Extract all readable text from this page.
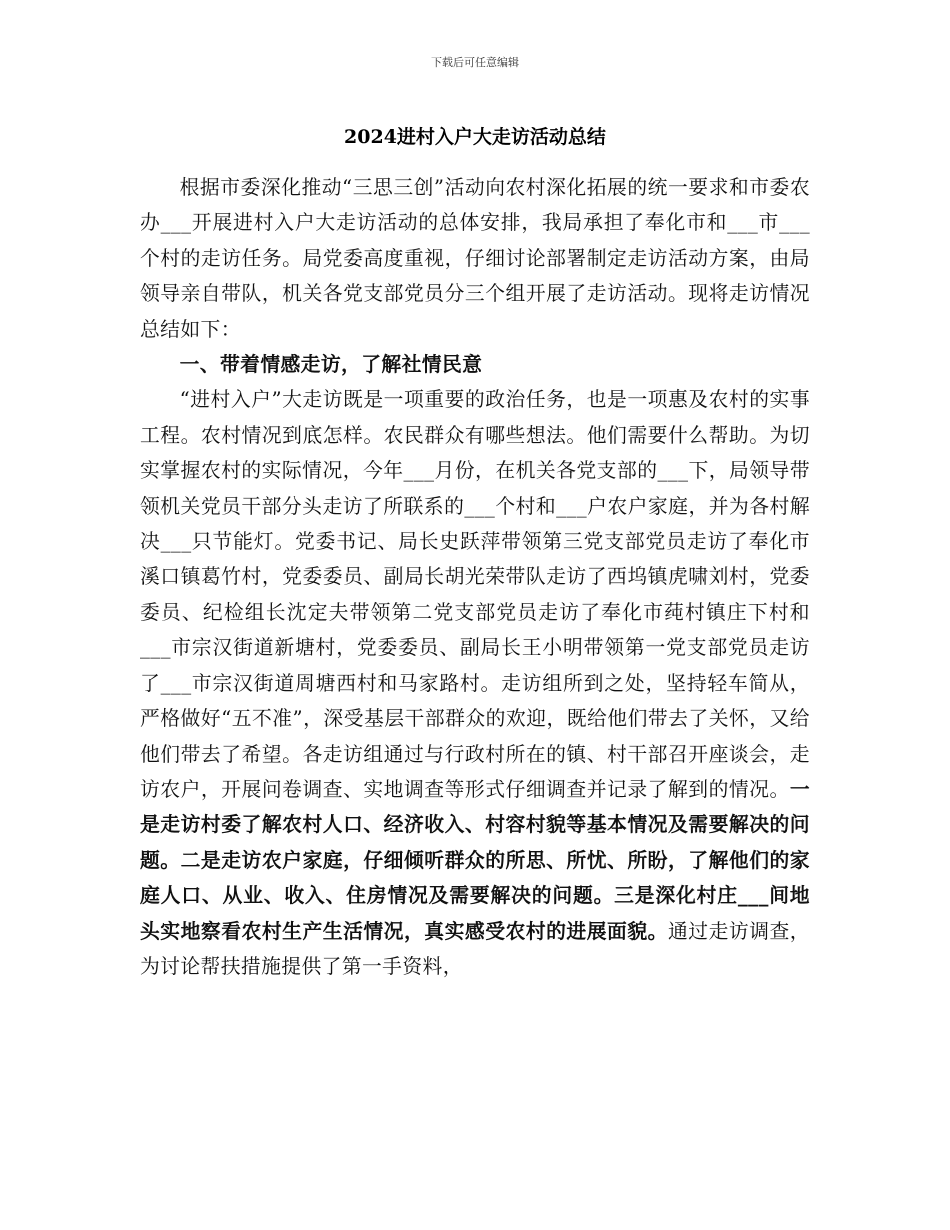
下载后可任意编辑
2024进村入户大走访活动总结

根据市委深化推动“三思三创”活动向农村深化拓展的统一要求和市委农办___开展进村入户大走访活动的总体安排，我局承担了奉化市和___市___个村的走访任务。局党委高度重视，仔细讨论部署制定走访活动方案，由局领导亲自带队，机关各党支部党员分三个组开展了走访活动。现将走访情况总结如下：

一、带着情感走访，了解社情民意

“进村入户”大走访既是一项重要的政治任务，也是一项惠及农村的实事工程。农村情况到底怎样。农民群众有哪些想法。他们需要什么帮助。为切实掌握农村的实际情况，今年___月份，在机关各党支部的___下，局领导带领机关党员干部分头走访了所联系的___个村和___户农户家庭，并为各村解决___只节能灯。党委书记、局长史跃萍带领第三党支部党员走访了奉化市溪口镇葛竹村，党委委员、副局长胡光荣带队走访了西坞镇虎啸刘村，党委委员、纪检组长沈定夫带领第二党支部党员走访了奉化市莼村镇庄下村和___市宗汉街道新塘村，党委委员、副局长王小明带领第一党支部党员走访了___市宗汉街道周塘西村和马家路村。走访组所到之处，坚持轻车简从，严格做好“五不准”，深受基层干部群众的欢迎，既给他们带去了关怀，又给他们带去了希望。各走访组通过与行政村所在的镇、村干部召开座谈会，走访农户，开展问卷调查、实地调查等形式仔细调查并记录了解到的情况。一是走访村委了解农村人口、经济收入、村容村貌等基本情况及需要解决的问题。二是走访农户家庭，仔细倾听群众的所思、所忧、所盼，了解他们的家庭人口、从业、收入、住房情况及需要解决的问题。三是深化村庄___间地头实地察看农村生产生活情况，真实感受农村的进展面貌。通过走访调查，为讨论帮扶措施提供了第一手资料，
